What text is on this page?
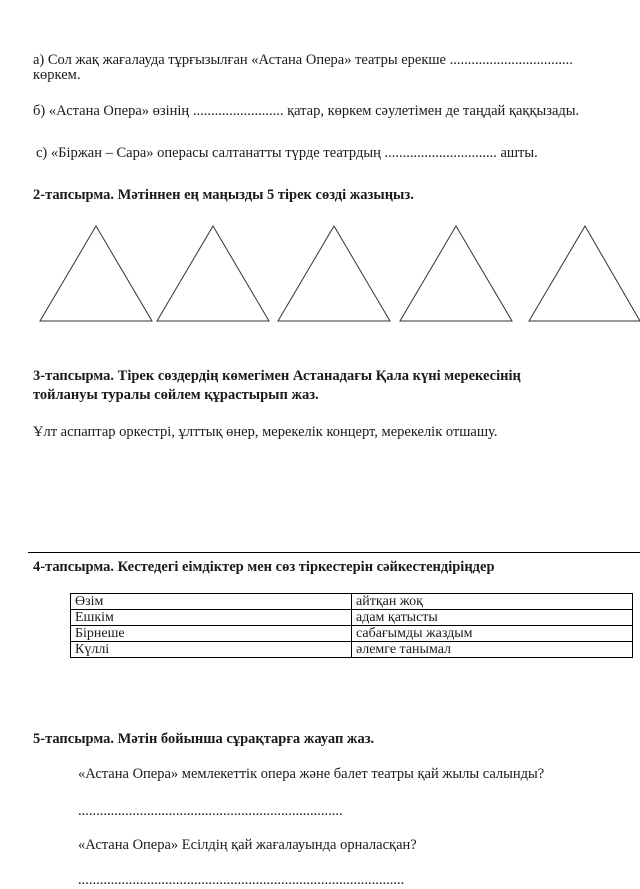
а) Сол жақ жағалауда тұрғызылған «Астана Опера» театры ерекше ..................................
көркем.
б) «Астана Опера» өзінің ......................... қатар, көркем сәулетімен де таңдай қаққызады.
с) «Біржан – Сара» операсы салтанатты түрде театрдың ............................... ашты.
2-тапсырма. Мәтіннен ең маңызды 5 тірек сөзді жазыңыз.
3-тапсырма. Тірек сөздердің көмегімен Астанадағы Қала күні мерекесінің
тойлануы туралы сөйлем құрастырып жаз.
Ұлт аспаптар оркестрі, ұлттық өнер, мерекелік концерт, мерекелік отшашу.
4-тапсырма. Кестедегі еімдіктер мен сөз тіркестерін сәйкестендіріңдер
Өзім	айтқан жоқ
Ешкім	адам қатысты
Бірнеше	сабағымды жаздым
Күллі	әлемге танымал
5-тапсырма. Мәтін бойынша сұрақтарға жауап жаз.
«Астана Опера» мемлекеттік опера және балет театры қай жылы салынды?
.........................................................................
«Астана Опера» Есілдің қай жағалауында орналасқан?
..........................................................................................
